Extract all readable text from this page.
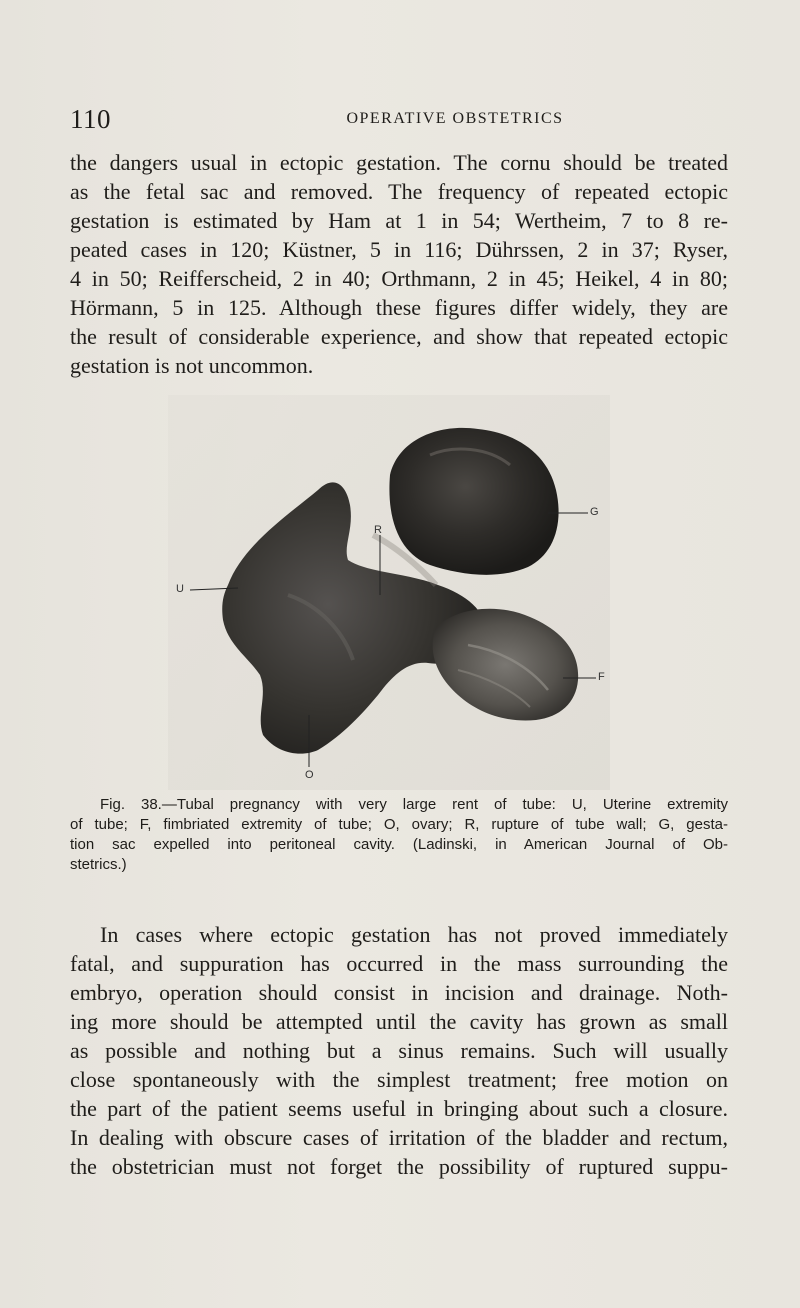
110	OPERATIVE OBSTETRICS

the dangers usual in ectopic gestation. The cornu should be treated
as the fetal sac and removed. The frequency of repeated ectopic
gestation is estimated by Ham at 1 in 54; Wertheim, 7 to 8 re-
peated cases in 120; Küstner, 5 in 116; Dührssen, 2 in 37; Ryser,
4 in 50; Reifferscheid, 2 in 40; Orthmann, 2 in 45; Heikel, 4 in 80;
Hörmann, 5 in 125. Although these figures differ widely, they are
the result of considerable experience, and show that repeated ectopic
gestation is not uncommon.

U
R
G
F
O

Fig. 38.—Tubal pregnancy with very large rent of tube: U, Uterine extremity
of tube; F, fimbriated extremity of tube; O, ovary; R, rupture of tube wall; G, gesta-
tion sac expelled into peritoneal cavity. (Ladinski, in American Journal of Ob-
stetrics.)

In cases where ectopic gestation has not proved immediately
fatal, and suppuration has occurred in the mass surrounding the
embryo, operation should consist in incision and drainage. Noth-
ing more should be attempted until the cavity has grown as small
as possible and nothing but a sinus remains. Such will usually
close spontaneously with the simplest treatment; free motion on
the part of the patient seems useful in bringing about such a closure.
In dealing with obscure cases of irritation of the bladder and rectum,
the obstetrician must not forget the possibility of ruptured suppu-
